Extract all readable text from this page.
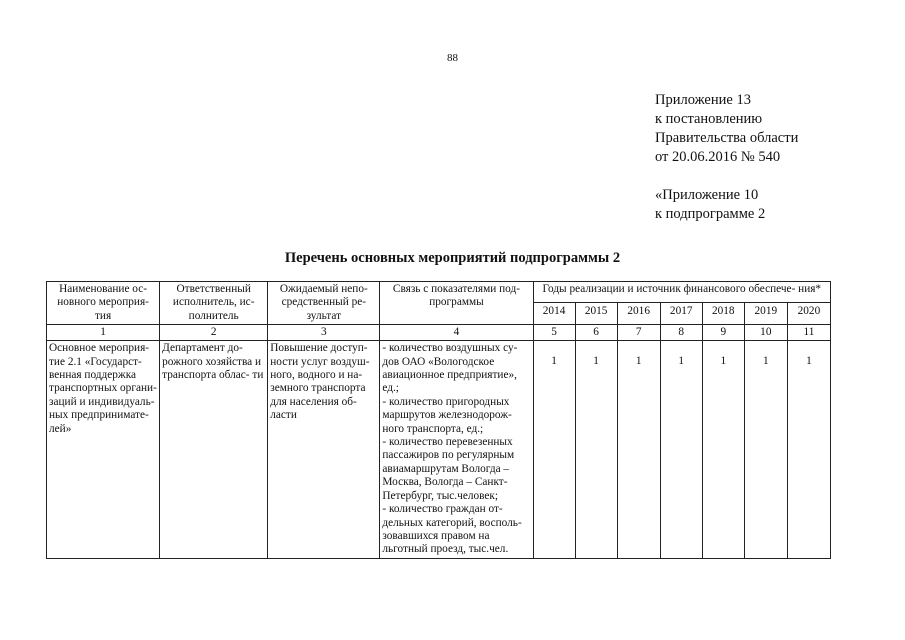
88
Приложение 13
к постановлению
Правительства области
от 20.06.2016 № 540
«Приложение 10
к подпрограмме 2
Перечень основных мероприятий подпрограммы 2
Наименование ос- новного мероприя- тия	Ответственный исполнитель, ис- полнитель	Ожидаемый непо- средственный ре- зультат	Связь с показателями под- программы	Годы реализации и источник финансового обеспече- ния*						
				2014	2015	2016	2017	2018	2019	2020
1	2	3	4	5	6	7	8	9	10	11
Основное мероприя- тие 2.1 «Государст- венная поддержка транспортных органи- заций и индивидуаль- ных предпринимате- лей»	Департамент до- рожного хозяйства и транспорта облас- ти	Повышение доступ- ности услуг воздуш- ного, водного и на- земного транспорта для населения об- ласти	- количество воздушных су- дов ОАО «Вологодское авиационное предприятие», ед.;
- количество пригородных маршрутов железнодорож- ного транспорта, ед.;
- количество перевезенных пассажиров по регулярным авиамаршрутам Вологда – Москва, Вологда – Санкт- Петербург, тыс.человек;
- количество граждан от- дельных категорий, восполь- зовавшихся правом на льготный проезд, тыс.чел.	1	1	1	1	1	1	1
